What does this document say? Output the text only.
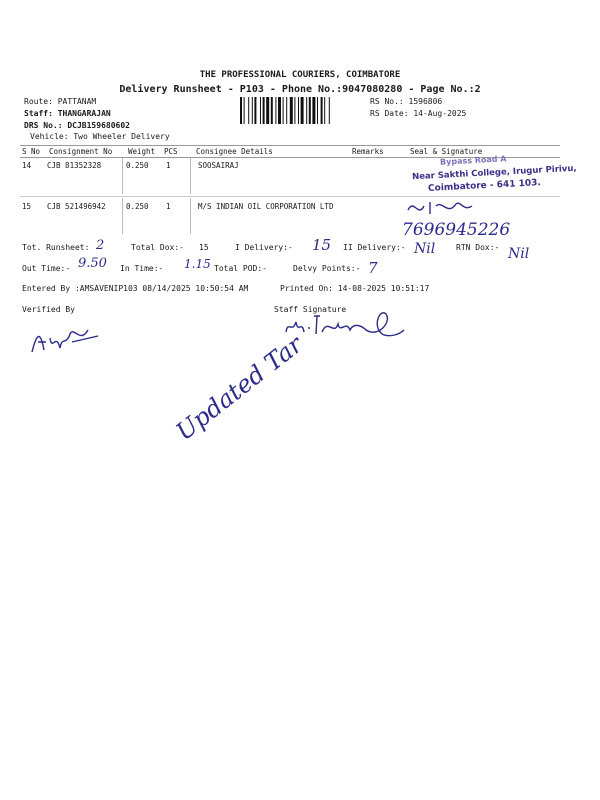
THE PROFESSIONAL COURIERS, COIMBATORE
Delivery Runsheet - P103 - Phone No.:9047080280 - Page No.:2
Route: PATTANAM
Staff: THANGARAJAN
DRS No.: DCJB159680602
Vehicle: Two Wheeler Delivery
RS No.: 1596806
RS Date: 14-Aug-2025
S No Consignment No Weight PCS Consignee Details	Remarks	Seal & Signature
14 CJB 81352328	0.250 1	SOOSAIRAJ
15 CJB 521496942	0.250 1	M/S INDIAN OIL CORPORATION LTD
Bypass Road A
Near Sakthi College, Irugur Pirivu,
Coimbatore - 641 103.
7696945226
Tot. Runsheet: 2	Total Dox:- 15	I Delivery:- 15 II Delivery:- Nil	RTN Dox:- Nil
Out Time:- 9.50 In Time:- 1.15 Total POD:-	Delvy Points:- 7
Entered By :AMSAVENIP103 08/14/2025 10:50:54 AM	Printed On: 14-08-2025 10:51:17
Verified By	Staff Signature
Updated Tar
